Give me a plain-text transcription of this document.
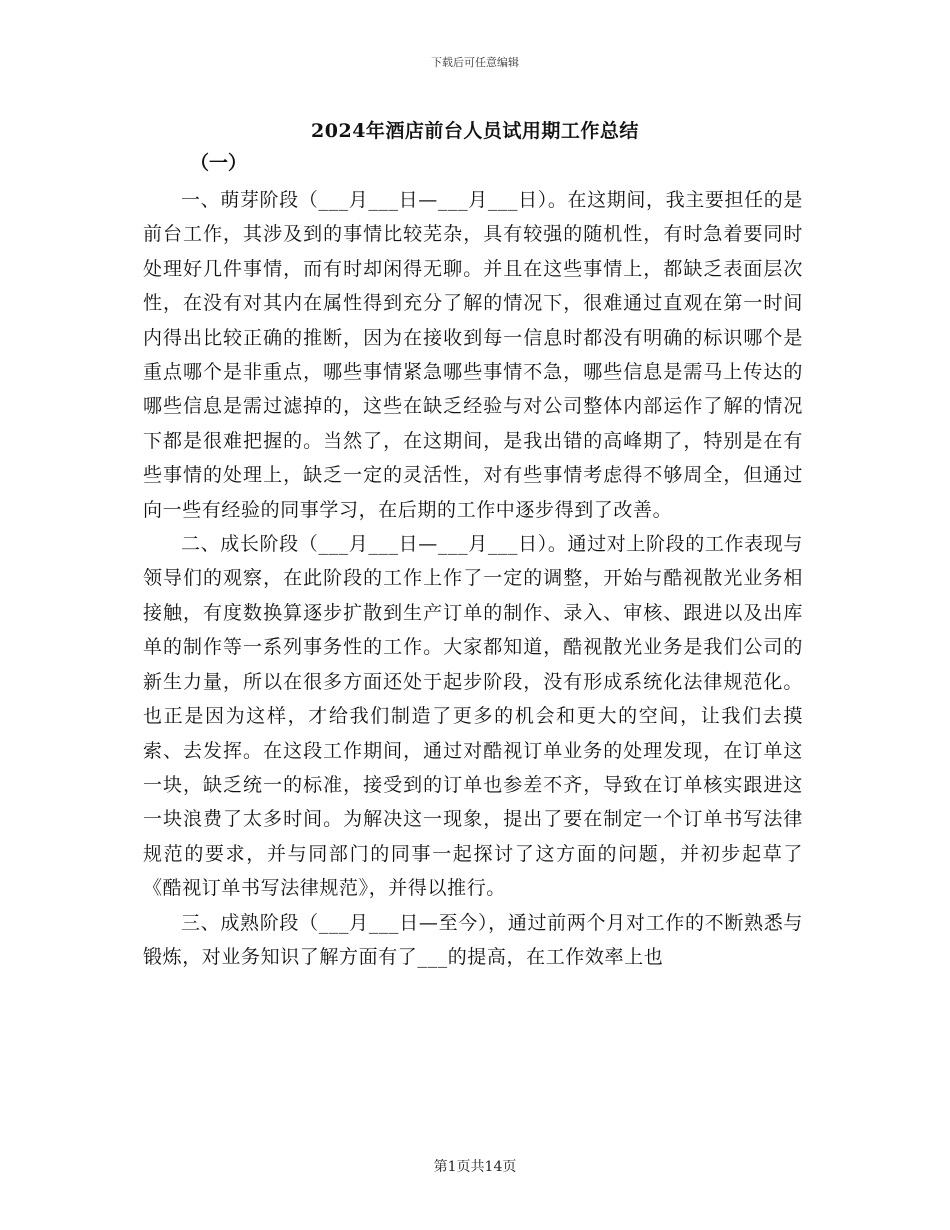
下载后可任意编辑
2024年酒店前台人员试用期工作总结

（一）

一、萌芽阶段（___月___日—___月___日）。在这期间，我主要担任的是前台工作，其涉及到的事情比较芜杂，具有较强的随机性，有时急着要同时处理好几件事情，而有时却闲得无聊。并且在这些事情上，都缺乏表面层次性，在没有对其内在属性得到充分了解的情况下，很难通过直观在第一时间内得出比较正确的推断，因为在接收到每一信息时都没有明确的标识哪个是重点哪个是非重点，哪些事情紧急哪些事情不急，哪些信息是需马上传达的哪些信息是需过滤掉的，这些在缺乏经验与对公司整体内部运作了解的情况下都是很难把握的。当然了，在这期间，是我出错的高峰期了，特别是在有些事情的处理上，缺乏一定的灵活性，对有些事情考虑得不够周全，但通过向一些有经验的同事学习，在后期的工作中逐步得到了改善。

二、成长阶段（___月___日—___月___日）。通过对上阶段的工作表现与领导们的观察，在此阶段的工作上作了一定的调整，开始与酷视散光业务相接触，有度数换算逐步扩散到生产订单的制作、录入、审核、跟进以及出库单的制作等一系列事务性的工作。大家都知道，酷视散光业务是我们公司的新生力量，所以在很多方面还处于起步阶段，没有形成系统化法律规范化。也正是因为这样，才给我们制造了更多的机会和更大的空间，让我们去摸索、去发挥。在这段工作期间，通过对酷视订单业务的处理发现，在订单这一块，缺乏统一的标准，接受到的订单也参差不齐，导致在订单核实跟进这一块浪费了太多时间。为解决这一现象，提出了要在制定一个订单书写法律规范的要求，并与同部门的同事一起探讨了这方面的问题，并初步起草了《酷视订单书写法律规范》，并得以推行。

三、成熟阶段（___月___日—至今），通过前两个月对工作的不断熟悉与锻炼，对业务知识了解方面有了___的提高，在工作效率上也

第1页共14页
